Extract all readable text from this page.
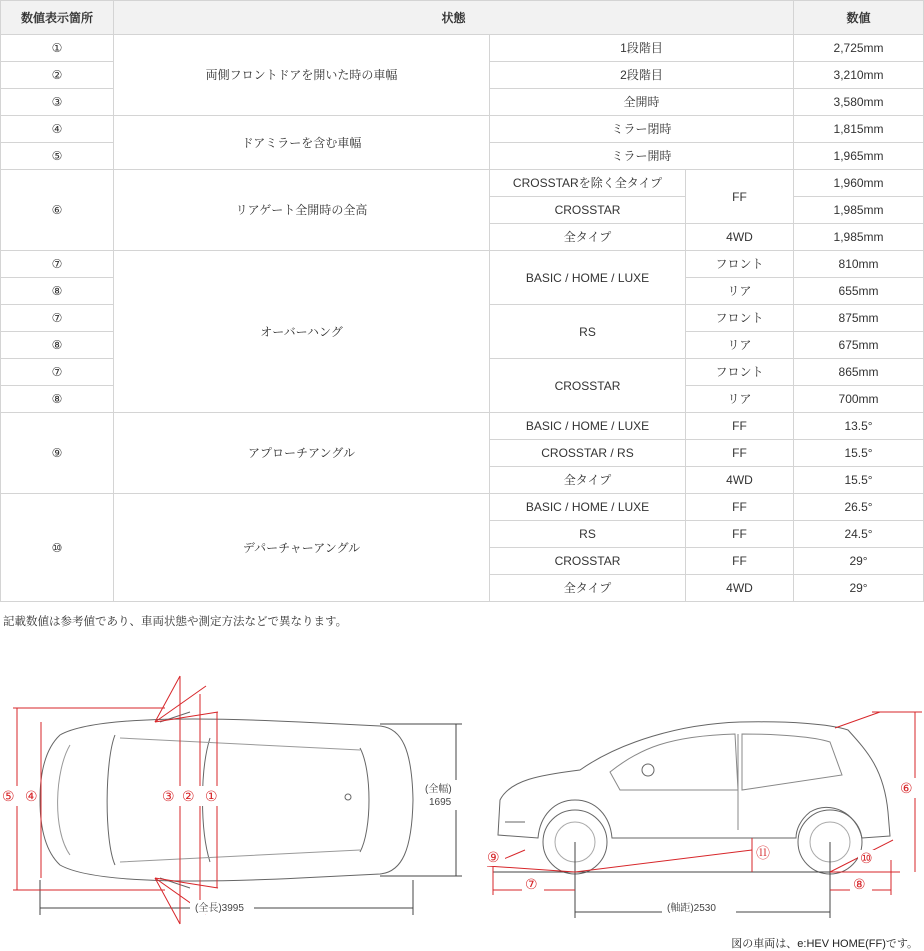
数値表示箇所	状態			数値
①	両側フロントドアを開いた時の車幅	1段階目		2,725mm
②		2段階目		3,210mm
③		全開時		3,580mm
④	ドアミラーを含む車幅	ミラー閉時		1,815mm
⑤		ミラー開時		1,965mm
⑥	リアゲート全開時の全高	CROSSTARを除く全タイプ	FF	1,960mm
		CROSSTAR		1,985mm
		全タイプ	4WD	1,985mm
⑦	オーバーハング	BASIC / HOME / LUXE	フロント	810mm
⑧			リア	655mm
⑦		RS	フロント	875mm
⑧			リア	675mm
⑦		CROSSTAR	フロント	865mm
⑧			リア	700mm
⑨	アプローチアングル	BASIC / HOME / LUXE	FF	13.5°
		CROSSTAR / RS	FF	15.5°
		全タイプ	4WD	15.5°
⑩	デパーチャーアングル	BASIC / HOME / LUXE	FF	26.5°
		RS	FF	24.5°
		CROSSTAR	FF	29°
		全タイプ	4WD	29°
記載数値は参考値であり、車両状態や測定方法などで異なります。
⑤ ④	③ ② ①	(全幅)
1695
(全長)3995
⑨
⑦
⑪	⑩
⑧
⑥
(軸距)2530
図の車両は、e:HEV HOME(FF)です。
